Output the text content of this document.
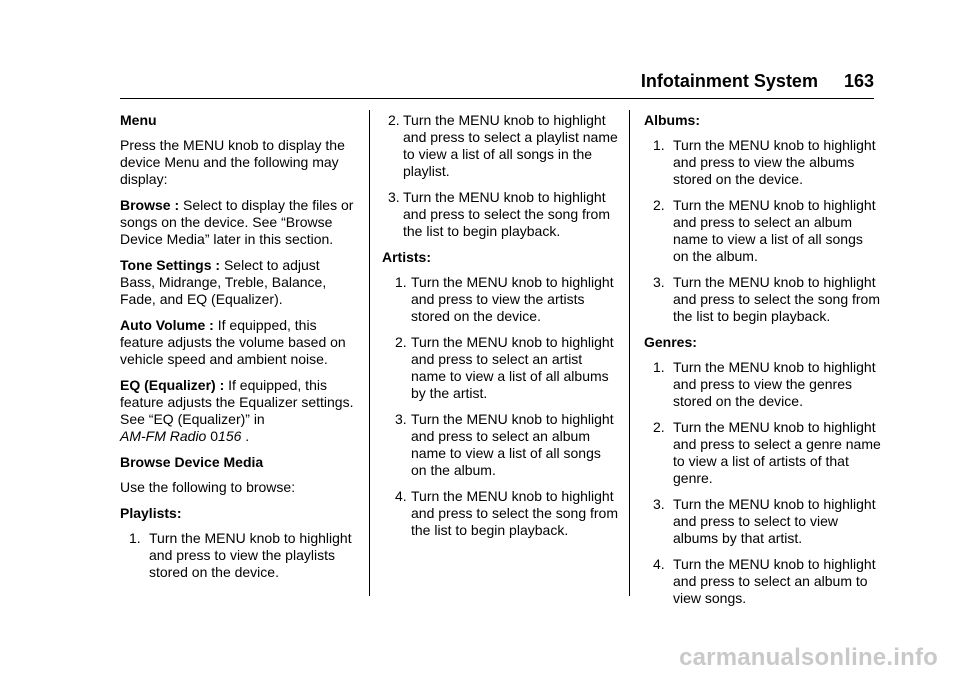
Infotainment System 163

Menu

Press the MENU knob to display the device Menu and the following may display:

Browse : Select to display the files or songs on the device. See “Browse Device Media” later in this section.

Tone Settings : Select to adjust Bass, Midrange, Treble, Balance, Fade, and EQ (Equalizer).

Auto Volume : If equipped, this feature adjusts the volume based on vehicle speed and ambient noise.

EQ (Equalizer) : If equipped, this feature adjusts the Equalizer settings. See “EQ (Equalizer)” in
AM-FM Radio 0156 .

Browse Device Media

Use the following to browse:

Playlists:

1. Turn the MENU knob to highlight and press to view the playlists stored on the device.
2. Turn the MENU knob to highlight and press to select a playlist name to view a list of all songs in the playlist.
3. Turn the MENU knob to highlight and press to select the song from the list to begin playback.

Artists:

1. Turn the MENU knob to highlight and press to view the artists stored on the device.
2. Turn the MENU knob to highlight and press to select an artist name to view a list of all albums by the artist.
3. Turn the MENU knob to highlight and press to select an album name to view a list of all songs on the album.
4. Turn the MENU knob to highlight and press to select the song from the list to begin playback.

Albums:

1. Turn the MENU knob to highlight and press to view the albums stored on the device.
2. Turn the MENU knob to highlight and press to select an album name to view a list of all songs on the album.
3. Turn the MENU knob to highlight and press to select the song from the list to begin playback.

Genres:

1. Turn the MENU knob to highlight and press to view the genres stored on the device.
2. Turn the MENU knob to highlight and press to select a genre name to view a list of artists of that genre.
3. Turn the MENU knob to highlight and press to select to view albums by that artist.
4. Turn the MENU knob to highlight and press to select an album to view songs.
carmanualsonline.info
